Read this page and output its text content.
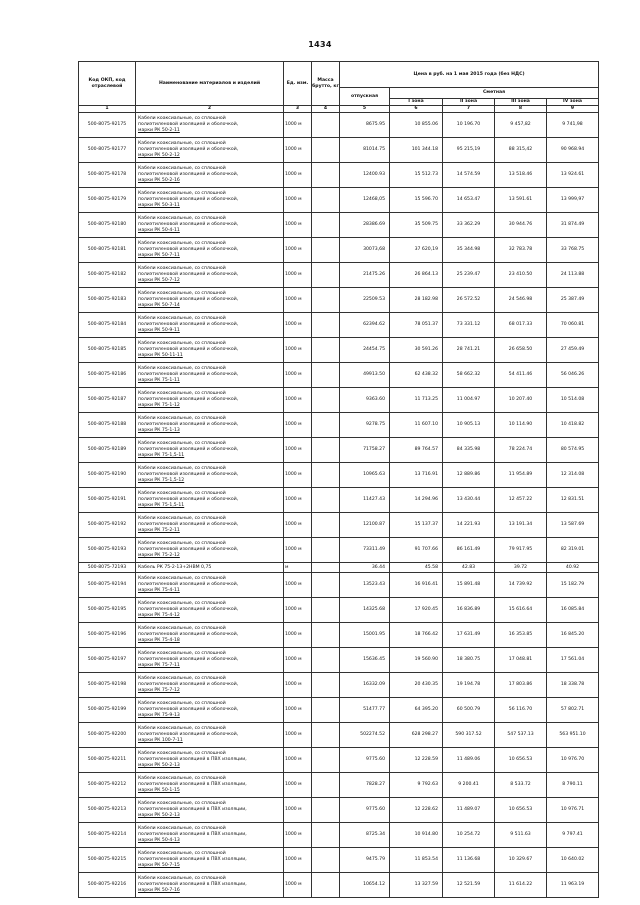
1434
Код ОКП, код отраслевой	Наименование материалов и изделий	Ед. изм.	Масса брутто, кг	Цена в руб. на 1 мая 2015 года (без НДС)				
				отпускная	Сметная			
					I зона	II зона	III зона	IV зона
1	2	3	4	5	6	7	8	9
500-8075-92175	Кабели коаксиальные, со сплошной
полиэтиленовой изоляцией и оболочкой,
марки РК 50-2-11	1000 м		8675.95	10 855.06	10 196.70	9 457,82	9 741,98
500-8075-92177	Кабели коаксиальные, со сплошной
полиэтиленовой изоляцией и оболочкой,
марки РК 50-2-12	1000 м		81014.75	101 344.18	95 215,19	88 315,42	90 968.94
500-8075-92178	Кабели коаксиальные, со сплошной
полиэтиленовой изоляцией и оболочкой,
марки РК 50-2-16	1000 м		12400.93	15 512.73	14 574.59	13 518.46	13 924.61
500-8075-92179	Кабели коаксиальные, со сплошной
полиэтиленовой изоляцией и оболочкой,
марки РК 50-3-11	1000 м		12468,05	15 596.70	14 653.47	13 591.61	13 999,97
500-8075-92180	Кабели коаксиальные, со сплошной
полиэтиленовой изоляцией и оболочкой,
марки РК 50-4-11	1000 м		28386.69	35 509.75	33 362.29	30 944.76	31 874.49
500-8075-92181	Кабели коаксиальные, со сплошной
полиэтиленовой изоляцией и оболочкой,
марки РК 50-7-11	1000 м		30073,68	37 620,19	35 344.98	32 783.78	33 768.75
500-8075-92182	Кабели коаксиальные, со сплошной
полиэтиленовой изоляцией и оболочкой,
марки РК 50-7-12	1000 м		21475.26	26 864.13	25 239.47	23 410.50	24 113.88
500-8075-92183	Кабели коаксиальные, со сплошной
полиэтиленовой изоляцией и оболочкой,
марки РК 50-7-14	1000 м		22509.53	28 182.98	26 572.52	24 546.98	25 387.49
500-8075-92184	Кабели коаксиальные, со сплошной
полиэтиленовой изоляцией и оболочкой,
марки РК 50-9-11	1000 м		62394.62	78 051.37	73 331.12	68 017.33	70 060.81
500-8075-92185	Кабели коаксиальные, со сплошной
полиэтиленовой изоляцией и оболочкой,
марки РК 50-11-11	1000 м		24454.75	30 591.26	28 741.21	26 658.50	27 459.49
500-8075-92186	Кабели коаксиальные, со сплошной
полиэтиленовой изоляцией и оболочкой,
марки РК 75-1-11	1000 м		49913.50	62 438.32	58 662.32	54 411.46	56 046.26
500-8075-92187	Кабели коаксиальные, со сплошной
полиэтиленовой изоляцией и оболочкой,
марки РК 75-1-12	1000 м		9363.60	11 713.25	11 004.97	10 207.40	10 514.08
500-8075-92188	Кабели коаксиальные, со сплошной
полиэтиленовой изоляцией и оболочкой,
марки РК 75-1-13	1000 м		9278.75	11 607.10	10 905.13	10 114.90	10 418.82
500-8075-92189	Кабели коаксиальные, со сплошной
полиэтиленовой изоляцией и оболочкой,
марки РК 75-1,5-11	1000 м		71758.27	89 764.57	84 335.98	78 224.74	80 574.95
500-8075-92190	Кабели коаксиальные, со сплошной
полиэтиленовой изоляцией и оболочкой,
марки РК 75-1,5-12	1000 м		10965.63	13 716.91	12 889.86	11 954.89	12 314.08
500-8075-92191	Кабели коаксиальные, со сплошной
полиэтиленовой изоляцией и оболочкой,
марки РК 75-1,5-11	1000 м		11427.43	14 294.96	13 430.44	12 457.22	12 831.51
500-8075-92192	Кабели коаксиальные, со сплошной
полиэтиленовой изоляцией и оболочкой,
марки РК 75-2-11	1000 м		12100.87	15 137.37	14 221.93	13 191.34	13 587.69
500-8075-92193	Кабели коаксиальные, со сплошной
полиэтиленовой изоляцией и оболочкой,
марки РК 75-2-12	1000 м		73311.49	91 707.66	86 161.49	79 917.95	82 319.01
500-8075-72193	Кабель РК 75-2-13+2НВМ 0,75	м		36.44	45.58	42.83	39.72	40.92
500-8075-92194	Кабели коаксиальные, со сплошной
полиэтиленовой изоляцией и оболочкой,
марки РК 75-4-11	1000 м		13523.43	16 916.41	15 891.48	14 739.92	15 182.79
500-8075-92195	Кабели коаксиальные, со сплошной
полиэтиленовой изоляцией и оболочкой,
марки РК 75-4-12	1000 м		14325.68	17 920.45	16 836.89	15 616.64	16 085.84
500-8075-92196	Кабели коаксиальные, со сплошной
полиэтиленовой изоляцией и оболочкой,
марки РК 75-4-18	1000 м		15001.95	18 766.42	17 631.49	16 353.85	16 845.20
500-8075-92197	Кабели коаксиальные, со сплошной
полиэтиленовой изоляцией и оболочкой,
марки РК 75-7-11	1000 м		15636.45	19 560.90	18 380.75	17 048.81	17 561.04
500-8075-92198	Кабели коаксиальные, со сплошной
полиэтиленовой изоляцией и оболочкой,
марки РК 75-7-12	1000 м		16332.09	20 430.35	19 194.78	17 803.86	18 338.78
500-8075-92199	Кабели коаксиальные, со сплошной
полиэтиленовой изоляцией и оболочкой,
марки РК 75-9-13	1000 м		51477.77	64 395.20	60 500.79	56 116.70	57 802.71
500-8075-92200	Кабели коаксиальные, со сплошной
полиэтиленовой изоляцией и оболочкой,
марки РК 100-7-11	1000 м		502274.52	628 298.27	590 317.52	547 537.13	563 951.10
500-8075-92211	Кабели коаксиальные, со сплошной
полиэтиленовой изоляцией в ПВХ изоляции,
марки РК 50-2-13	1000 м		9775.60	12 228.59	11 489.06	10 656.53	10 976.70
500-8075-92212	Кабели коаксиальные, со сплошной
полиэтиленовой изоляцией в ПВХ изоляции,
марки РК 50-1-15	1000 м		7828.27	9 792.63	9 200.41	8 533.72	8 790.11
500-8075-92213	Кабели коаксиальные, со сплошной
полиэтиленовой изоляцией в ПВХ изоляции,
марки РК 50-2-13	1000 м		9775.60	12 228.62	11 489.07	10 656.53	10 976.71
500-8075-92214	Кабели коаксиальные, со сплошной
полиэтиленовой изоляцией в ПВХ изоляции,
марки РК 50-4-13	1000 м		8725.34	10 914.80	10 254.72	9 511.63	9 797.41
500-8075-92215	Кабели коаксиальные, со сплошной
полиэтиленовой изоляцией в ПВХ изоляции,
марки РК 50-7-15	1000 м		9475.79	11 853.54	11 136.68	10 329.67	10 640.02
500-8075-92216	Кабели коаксиальные, со сплошной
полиэтиленовой изоляцией в ПВХ изоляции,
марки РК 50-7-16	1000 м		10654.12	13 327.59	12 521.59	11 614.22	11 963.19
